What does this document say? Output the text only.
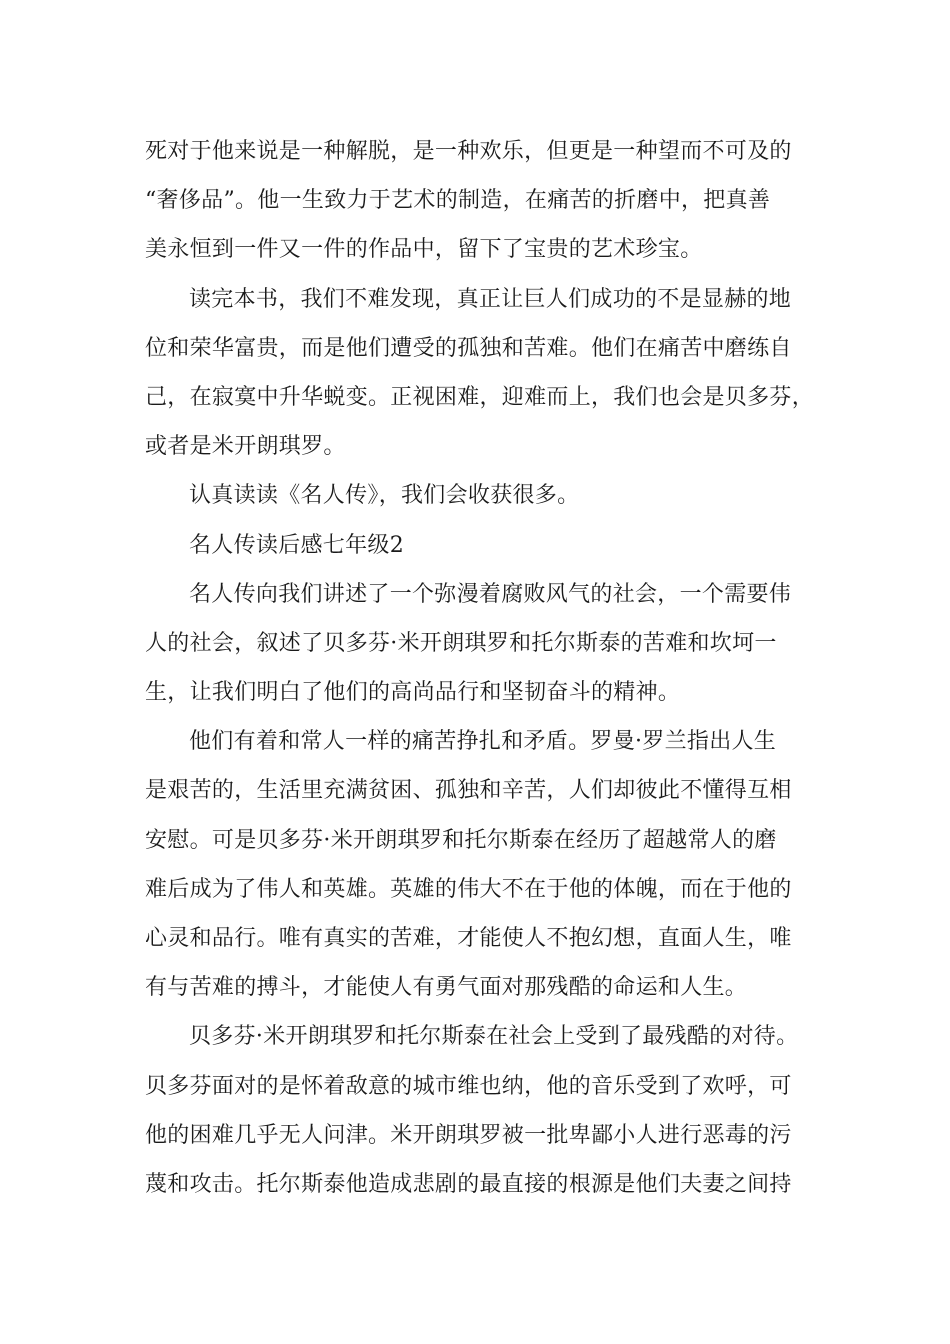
死对于他来说是一种解脱，是一种欢乐，但更是一种望而不可及的
“奢侈品”。他一生致力于艺术的制造，在痛苦的折磨中，把真善
美永恒到一件又一件的作品中，留下了宝贵的艺术珍宝。
读完本书，我们不难发现，真正让巨人们成功的不是显赫的地
位和荣华富贵，而是他们遭受的孤独和苦难。他们在痛苦中磨练自
己，在寂寞中升华蜕变。正视困难，迎难而上，我们也会是贝多芬，
或者是米开朗琪罗。
认真读读《名人传》，我们会收获很多。
名人传读后感七年级2
名人传向我们讲述了一个弥漫着腐败风气的社会，一个需要伟
人的社会，叙述了贝多芬·米开朗琪罗和托尔斯泰的苦难和坎坷一
生，让我们明白了他们的高尚品行和坚韧奋斗的精神。
他们有着和常人一样的痛苦挣扎和矛盾。罗曼·罗兰指出人生
是艰苦的，生活里充满贫困、孤独和辛苦，人们却彼此不懂得互相
安慰。可是贝多芬·米开朗琪罗和托尔斯泰在经历了超越常人的磨
难后成为了伟人和英雄。英雄的伟大不在于他的体魄，而在于他的
心灵和品行。唯有真实的苦难，才能使人不抱幻想，直面人生，唯
有与苦难的搏斗，才能使人有勇气面对那残酷的命运和人生。
贝多芬·米开朗琪罗和托尔斯泰在社会上受到了最残酷的对待。
贝多芬面对的是怀着敌意的城市维也纳，他的音乐受到了欢呼，可
他的困难几乎无人问津。米开朗琪罗被一批卑鄙小人进行恶毒的污
蔑和攻击。托尔斯泰他造成悲剧的最直接的根源是他们夫妻之间持
